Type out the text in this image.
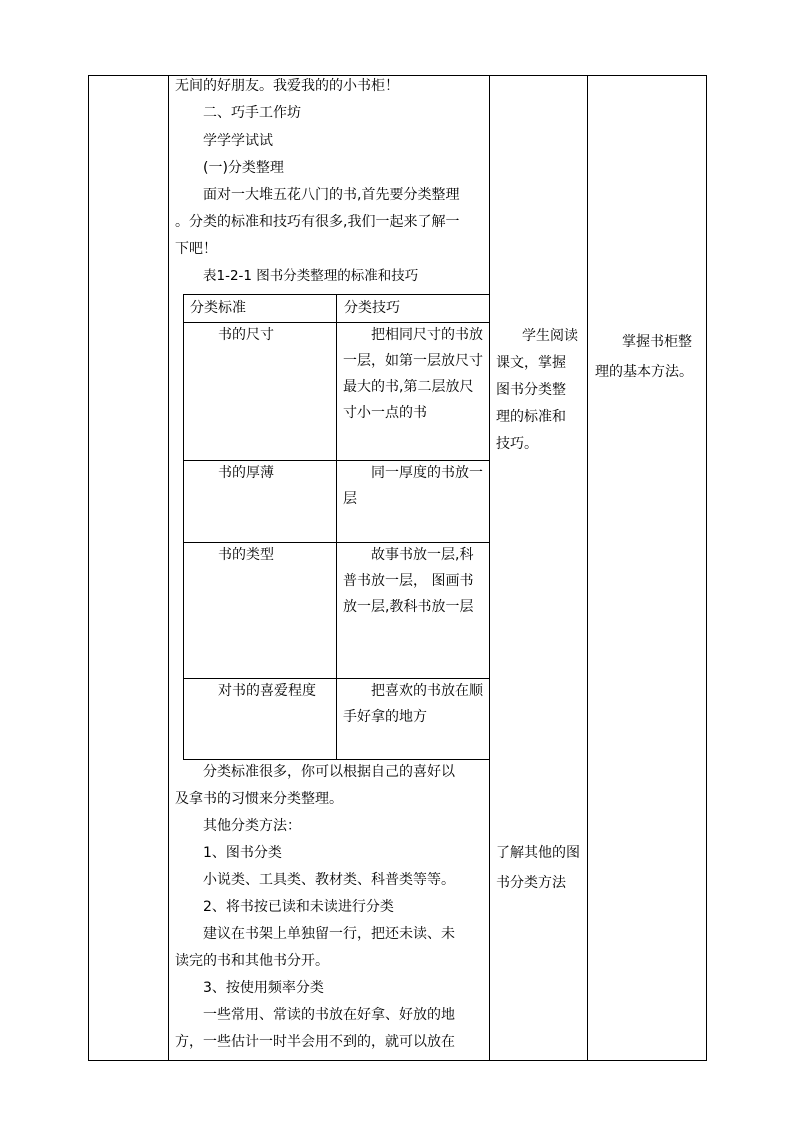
无间的好朋友。我爱我的的小书柜！
二、巧手工作坊
学学学试试
(一)分类整理
面对一大堆五花八门的书,首先要分类整理
。分类的标准和技巧有很多,我们一起来了解一
下吧！
表1-2-1 图书分类整理的标准和技巧
分类标准	分类技巧
书的尺寸	把相同尺寸的书放一层，如第一层放尺寸最大的书,第二层放尺寸小一点的书
书的厚薄	同一厚度的书放一层
书的类型	故事书放一层,科普书放一层， 图画书放一层,教科书放一层
对书的喜爱程度	把喜欢的书放在顺手好拿的地方
分类标准很多，你可以根据自己的喜好以
及拿书的习惯来分类整理。
其他分类方法：
1、图书分类
小说类、工具类、教材类、科普类等等。
2、将书按已读和未读进行分类
建议在书架上单独留一行，把还未读、未
读完的书和其他书分开。
3、按使用频率分类
一些常用、常读的书放在好拿、好放的地
方，一些估计一时半会用不到的，就可以放在
学生阅读
课文，掌握
图书分类整
理的标准和
技巧。
了解其他的图
书分类方法
掌握书柜整
理的基本方法。
